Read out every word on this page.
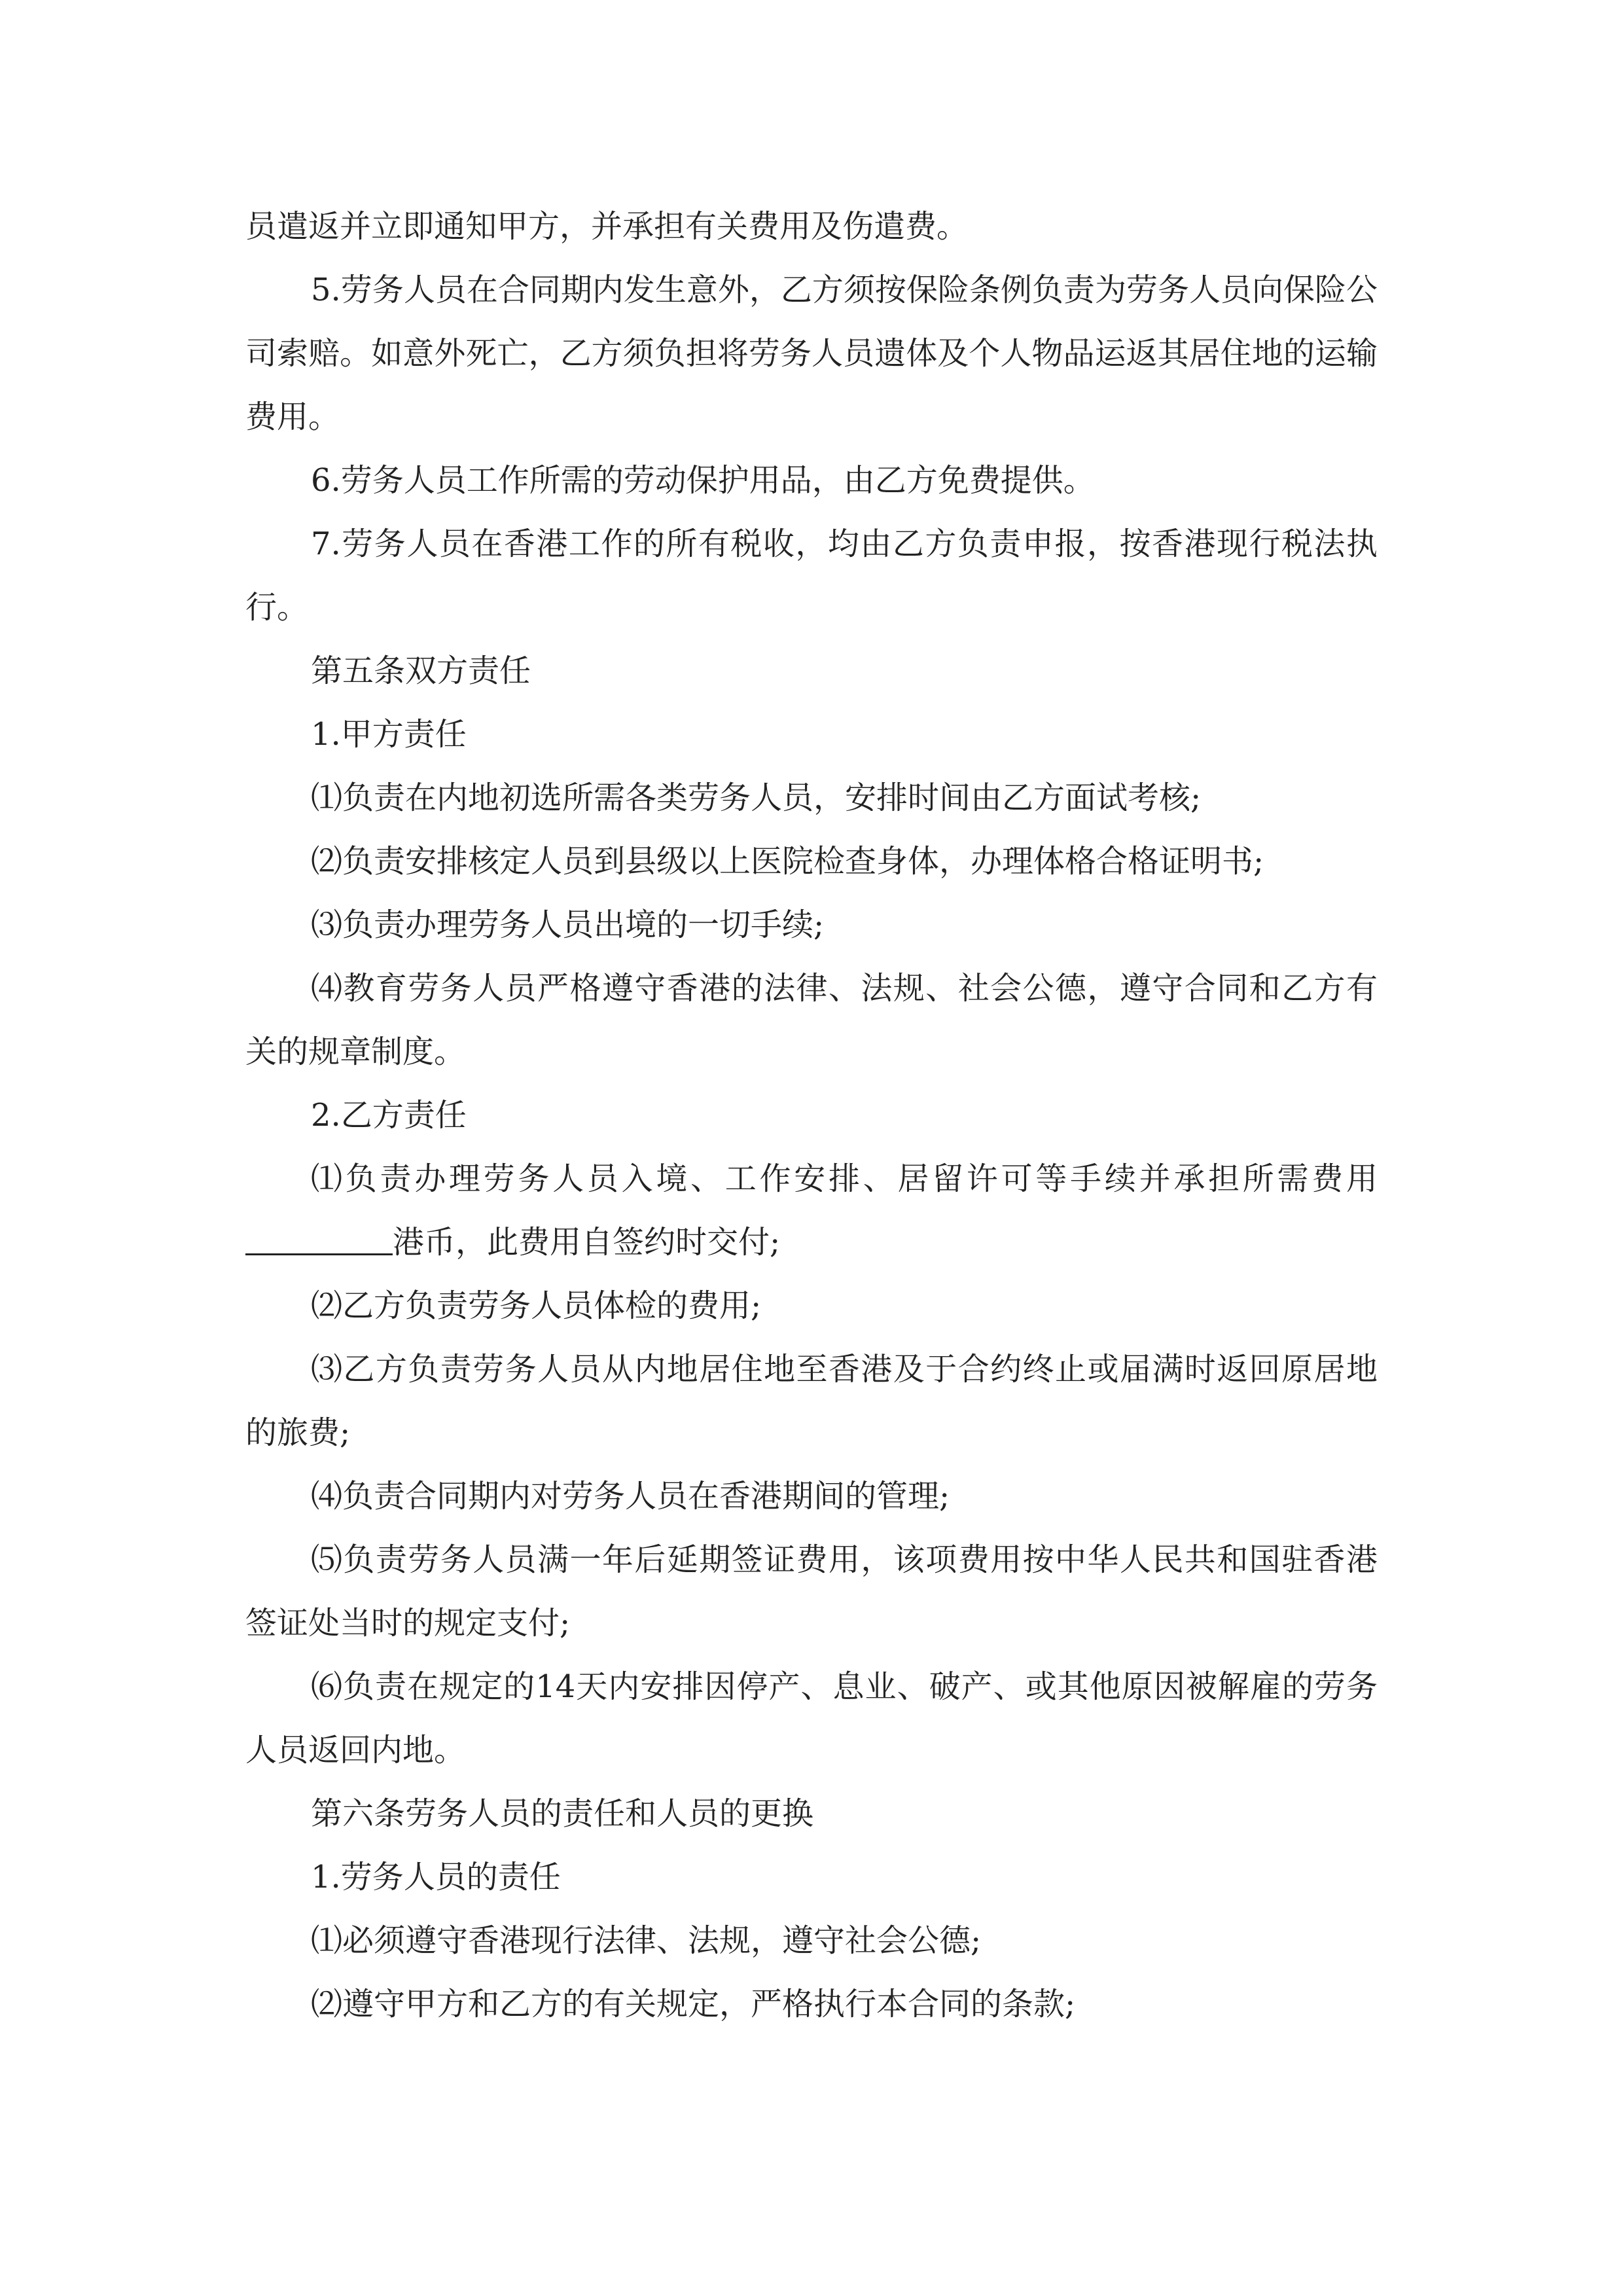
员遣返并立即通知甲方，并承担有关费用及伤遣费。

5.劳务人员在合同期内发生意外，乙方须按保险条例负责为劳务人员向保险公司索赔。如意外死亡，乙方须负担将劳务人员遗体及个人物品运返其居住地的运输费用。

6.劳务人员工作所需的劳动保护用品，由乙方免费提供。

7.劳务人员在香港工作的所有税收，均由乙方负责申报，按香港现行税法执行。

第五条双方责任

1.甲方责任

⑴负责在内地初选所需各类劳务人员，安排时间由乙方面试考核;

⑵负责安排核定人员到县级以上医院检查身体，办理体格合格证明书;

⑶负责办理劳务人员出境的一切手续;

⑷教育劳务人员严格遵守香港的法律、法规、社会公德，遵守合同和乙方有关的规章制度。

2.乙方责任

⑴负责办理劳务人员入境、工作安排、居留许可等手续并承担所需费用港币，此费用自签约时交付;

⑵乙方负责劳务人员体检的费用;

⑶乙方负责劳务人员从内地居住地至香港及于合约终止或届满时返回原居地的旅费;

⑷负责合同期内对劳务人员在香港期间的管理;

⑸负责劳务人员满一年后延期签证费用，该项费用按中华人民共和国驻香港签证处当时的规定支付;

⑹负责在规定的14天内安排因停产、息业、破产、或其他原因被解雇的劳务人员返回内地。

第六条劳务人员的责任和人员的更换

1.劳务人员的责任

⑴必须遵守香港现行法律、法规，遵守社会公德;

⑵遵守甲方和乙方的有关规定，严格执行本合同的条款;
